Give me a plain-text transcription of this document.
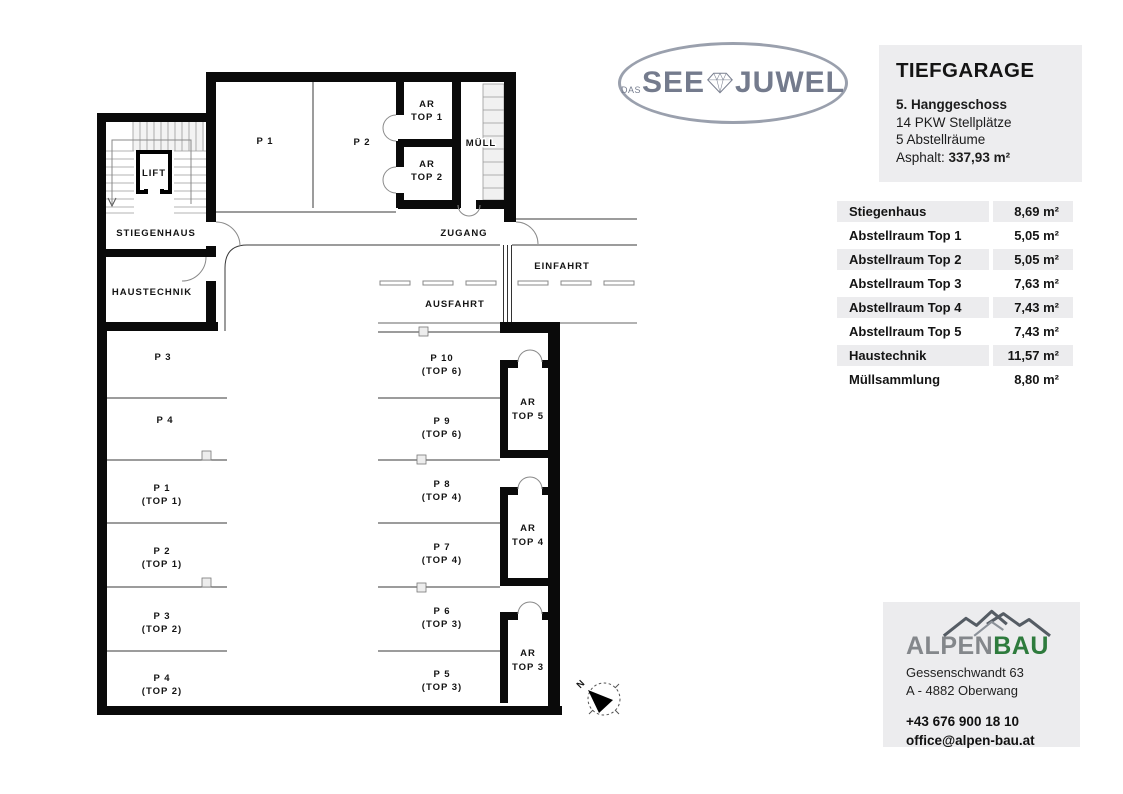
LIFT
P 1	P 2
AR
TOP 1
AR
TOP 2
MÜLL
STIEGENHAUS
HAUSTECHNIK
ZUGANG
EINFAHRT
AUSFAHRT
P 3
P 4
P 1
(TOP 1)
P 2
(TOP 1)
P 3
(TOP 2)
P 4
(TOP 2)
P 10
(TOP 6)
P 9
(TOP 6)
P 8
(TOP 4)
P 7
(TOP 4)
P 6
(TOP 3)
P 5
(TOP 3)
AR
TOP 5
AR
TOP 4
AR
TOP 3
N
DAS SEE JUWEL TIEFGARAGE
5. Hanggeschoss
14 PKW Stellplätze
5 Abstellräume
Asphalt: 337,93 m²
Stiegenhaus	8,69 m²
Abstellraum Top 1	5,05 m²
Abstellraum Top 2	5,05 m²
Abstellraum Top 3	7,63 m²
Abstellraum Top 4	7,43 m²
Abstellraum Top 5	7,43 m²
Haustechnik	11,57 m²
Müllsammlung	8,80 m²
ALPENBAU
Gessenschwandt 63
A - 4882 Oberwang
+43 676 900 18 10
office@alpen-bau.at
